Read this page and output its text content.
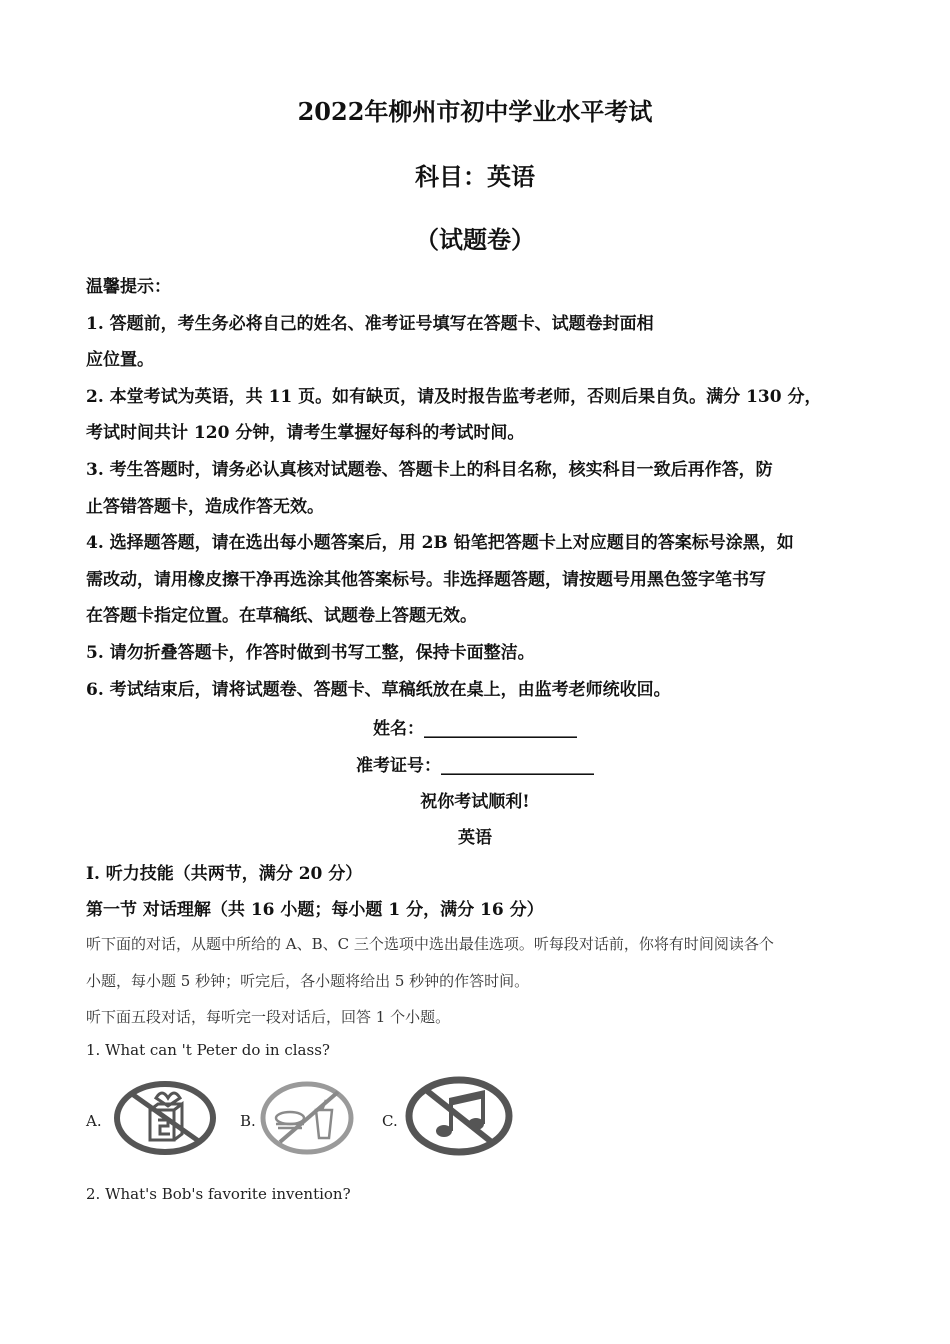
2022年柳州市初中学业水平考试
科目：英语
（试题卷）
温馨提示：
1. 答题前，考生务必将自己的姓名、准考证号填写在答题卡、试题卷封面相
应位置。
2. 本堂考试为英语，共 11 页。如有缺页，请及时报告监考老师，否则后果自负。满分 130 分，
考试时间共计 120 分钟，请考生掌握好每科的考试时间。
3. 考生答题时，请务必认真核对试题卷、答题卡上的科目名称，核实科目一致后再作答，防
止答错答题卡，造成作答无效。
4. 选择题答题，请在选出每小题答案后，用 2B 铅笔把答题卡上对应题目的答案标号涂黑，如
需改动，请用橡皮擦干净再选涂其他答案标号。非选择题答题，请按题号用黑色签字笔书写
在答题卡指定位置。在草稿纸、试题卷上答题无效。
5. 请勿折叠答题卡，作答时做到书写工整，保持卡面整洁。
6. 考试结束后，请将试题卷、答题卡、草稿纸放在桌上，由监考老师统收回。
姓名：__________________
准考证号：__________________
祝你考试顺利!
英语
I. 听力技能（共两节，满分 20 分）
第一节 对话理解（共 16 小题；每小题 1 分，满分 16 分）
听下面的对话，从题中所给的 A、B、C 三个选项中选出最佳选项。听每段对话前，你将有时间阅读各个
小题，每小题 5 秒钟；听完后，各小题将给出 5 秒钟的作答时间。
听下面五段对话，每听完一段对话后，回答 1 个小题。
1. What can 't Peter do in class?
A.	B.	C.
2. What's Bob's favorite invention?
